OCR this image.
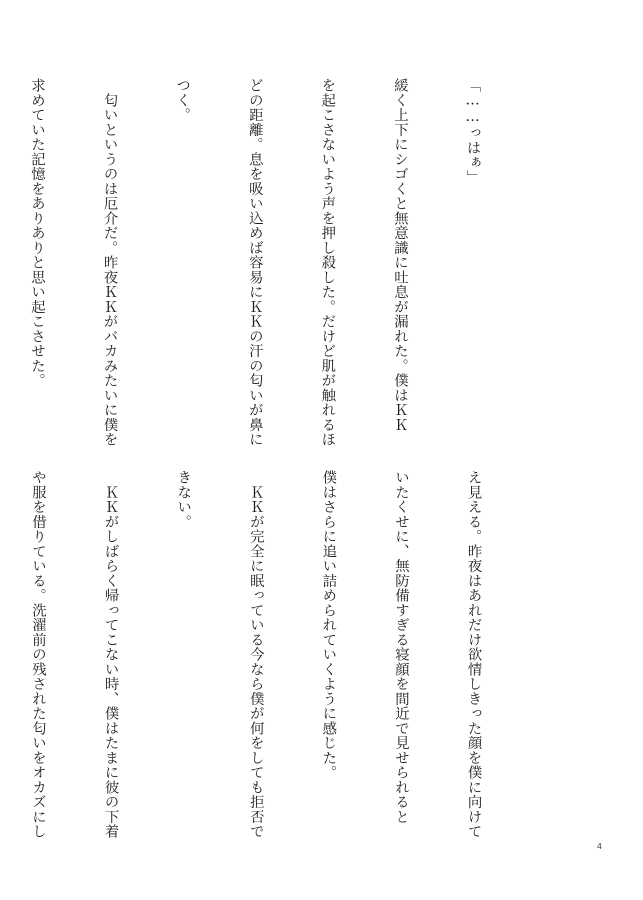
「……っはぁ」

緩く上下にシゴくと無意識に吐息が漏れた。僕はＫＫ

を起こさないよう声を押し殺した。だけど肌が触れるほ

どの距離。息を吸い込めば容易にＫＫの汗の匂いが鼻に

つく。

　匂いというのは厄介だ。昨夜ＫＫがバカみたいに僕を

求めていた記憶をありありと思い起こさせた。

え見える。昨夜はあれだけ欲情しきった顔を僕に向けて

いたくせに、無防備すぎる寝顔を間近で見せられると

僕はさらに追い詰められていくように感じた。

　ＫＫが完全に眠っている今なら僕が何をしても拒否で

きない。

　ＫＫがしばらく帰ってこない時、僕はたまに彼の下着

や服を借りている。洗濯前の残された匂いをオカズにし

4
